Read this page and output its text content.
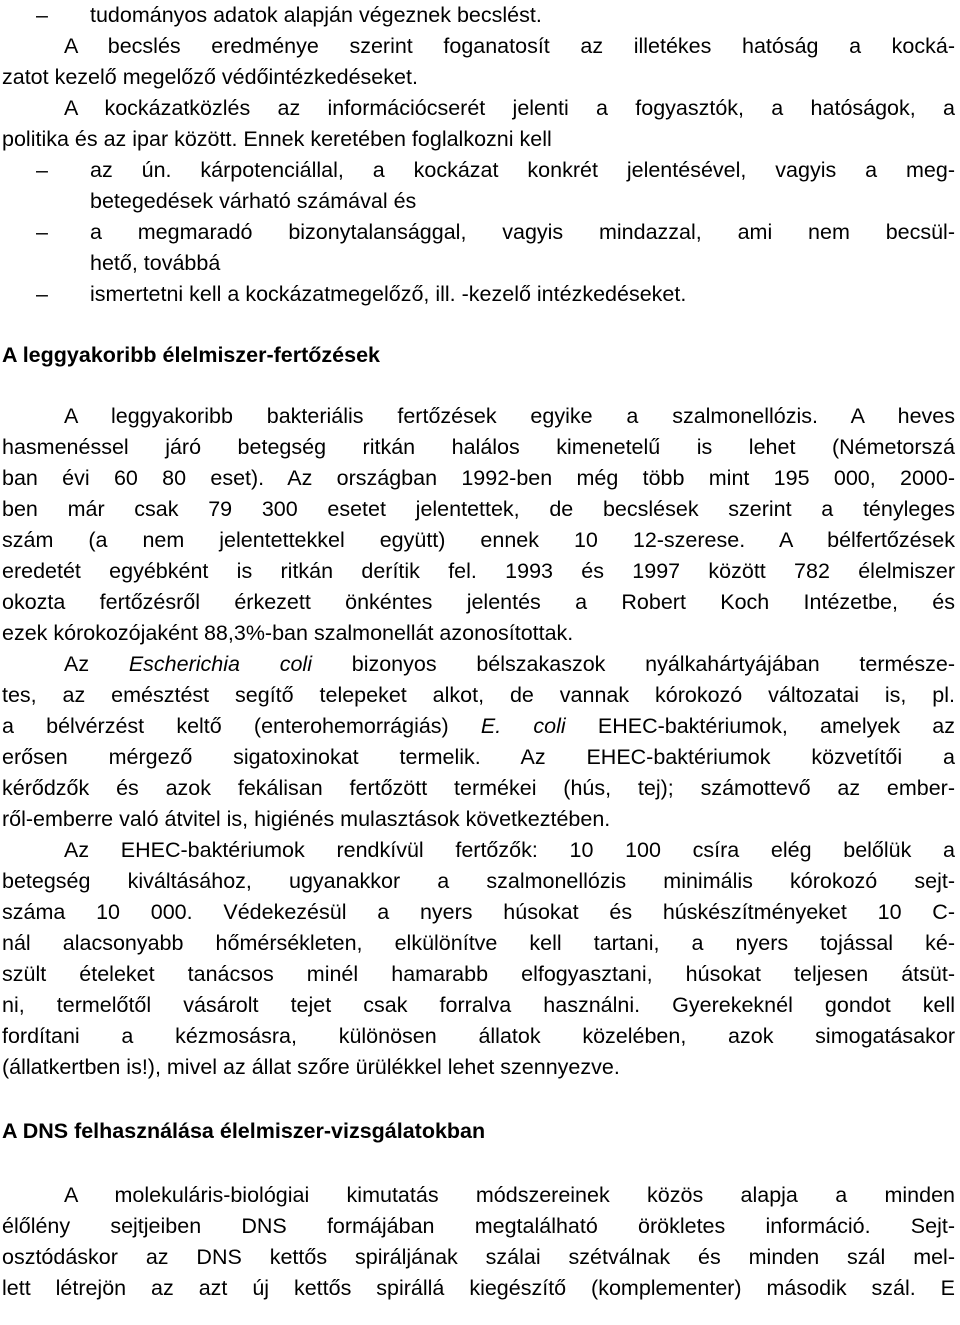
–	tudományos adatok alapján végeznek becslést.
A becslés eredménye szerint foganatosít az illetékes hatóság a kocká-
zatot kezelő megelőző védőintézkedéseket.
A kockázatközlés az információcserét jelenti a fogyasztók, a hatóságok, a
politika és az ipar között. Ennek keretében foglalkozni kell
–	az ún. kárpotenciállal, a kockázat konkrét jelentésével, vagyis a meg-
betegedések várható számával és
–	a megmaradó bizonytalansággal, vagyis mindazzal, ami nem becsül-
hető, továbbá
–	ismertetni kell a kockázatmegelőző, ill. -kezelő intézkedéseket.
A leggyakoribb élelmiszer-fertőzések
A leggyakoribb bakteriális fertőzések egyike a szalmonellózis. A heves
hasmenéssel járó betegség ritkán halálos kimenetelű is lehet (Németorszá
ban évi 60 80 eset). Az országban 1992-ben még több mint 195 000, 2000-
ben már csak 79 300 esetet jelentettek, de becslések szerint a tényleges
szám (a nem jelentettekkel együtt) ennek 10 12-szerese. A bélfertőzések
eredetét egyébként is ritkán derítik fel. 1993 és 1997 között 782 élelmiszer
okozta fertőzésről érkezett önkéntes jelentés a Robert Koch Intézetbe, és
ezek kórokozójaként 88,3%-ban szalmonellát azonosítottak.
Az Escherichia coli bizonyos bélszakaszok nyálkahártyájában természe-
tes, az emésztést segítő telepeket alkot, de vannak kórokozó változatai is, pl.
a bélvérzést keltő (enterohemorrágiás) E. coli EHEC-baktériumok, amelyek az
erősen mérgező sigatoxinokat termelik. Az EHEC-baktériumok közvetítői a
kérődzők és azok fekálisan fertőzött termékei (hús, tej); számottevő az ember-
ről-emberre való átvitel is, higiénés mulasztások következtében.
Az EHEC-baktériumok rendkívül fertőzők: 10 100 csíra elég belőlük a
betegség kiváltásához, ugyanakkor a szalmonellózis minimális kórokozó sejt-
száma 10 000. Védekezésül a nyers húsokat és húskészítményeket 10 C-
nál alacsonyabb hőmérsékleten, elkülönítve kell tartani, a nyers tojással ké-
szült ételeket tanácsos minél hamarabb elfogyasztani, húsokat teljesen átsüt-
ni, termelőtől vásárolt tejet csak forralva használni. Gyerekeknél gondot kell
fordítani a kézmosásra, különösen állatok közelében, azok simogatásakor
(állatkertben is!), mivel az állat szőre ürülékkel lehet szennyezve.
A DNS felhasználása élelmiszer-vizsgálatokban
A molekuláris-biológiai kimutatás módszereinek közös alapja a minden
élőlény sejtjeiben DNS formájában megtalálható örökletes információ. Sejt-
osztódáskor az DNS kettős spiráljának szálai szétválnak és minden szál mel-
lett létrejön az azt új kettős spirállá kiegészítő (komplementer) második szál. E
